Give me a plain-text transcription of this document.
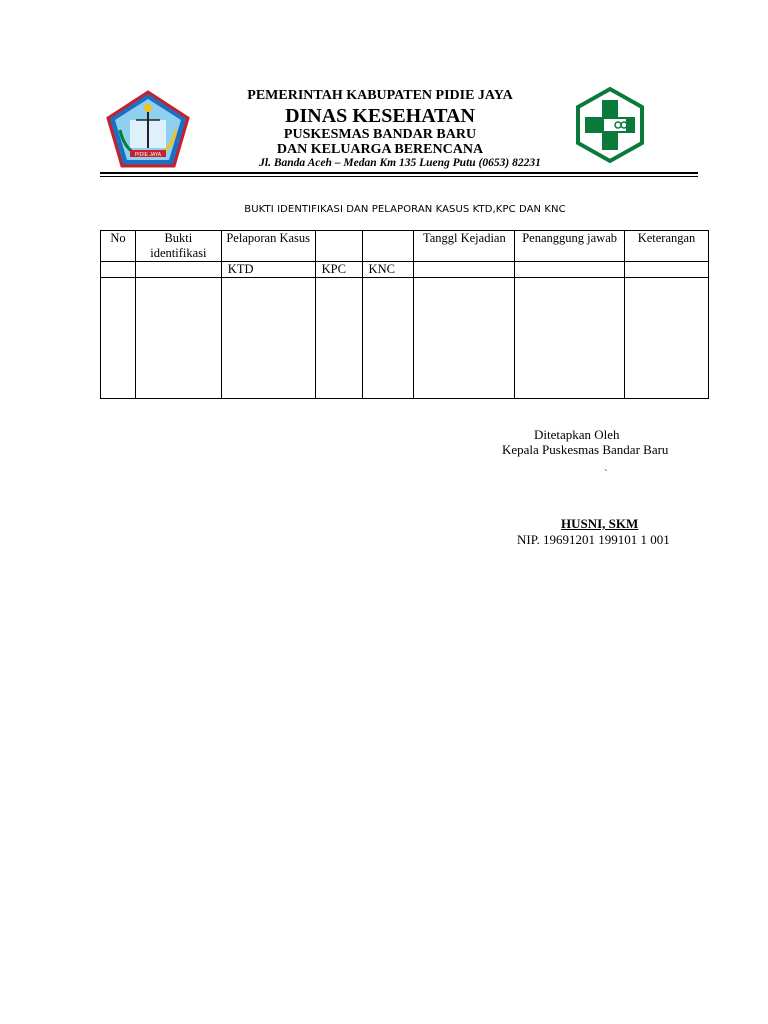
PIDIE JAYA
PEMERINTAH KABUPATEN PIDIE JAYA
DINAS KESEHATAN
PUSKESMAS BANDAR BARU
DAN KELUARGA BERENCANA
Jl. Banda Aceh – Medan Km 135 Lueng Putu (0653) 82231
BUKTI IDENTIFIKASI DAN PELAPORAN KASUS KTD,KPC DAN KNC
No	Bukti identifikasi	Pelaporan Kasus			Tanggl Kejadian	Penanggung jawab	Keterangan
		KTD	KPC	KNC			

Ditetapkan Oleh
Kepala Puskesmas Bandar Baru
`
HUSNI, SKM
NIP. 19691201 199101 1 001
